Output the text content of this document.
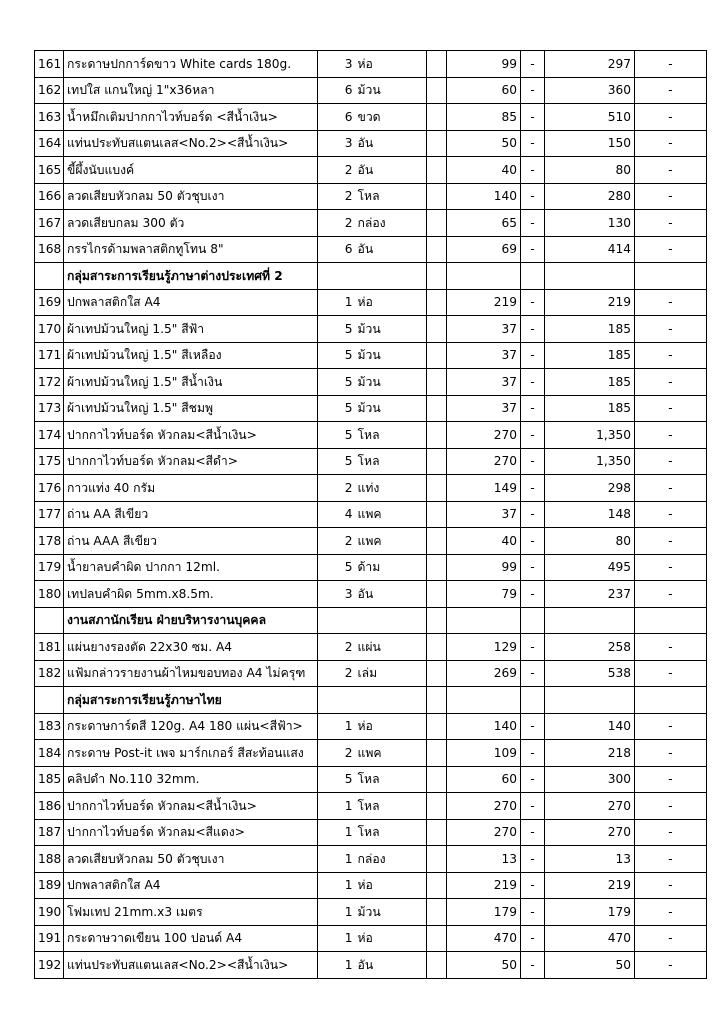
161	กระดาษปกการ์ดขาว White cards 180g.	3	ห่อ		99	-	297	-
162	เทปใส แกนใหญ่ 1"x36หลา	6	ม้วน		60	-	360	-
163	น้ำหมึกเติมปากกาไวท์บอร์ด <สีน้ำเงิน>	6	ขวด		85	-	510	-
164	แท่นประทับสแตนเลส<No.2><สีน้ำเงิน>	3	อัน		50	-	150	-
165	ขี้ผึ้งนับแบงค์	2	อัน		40	-	80	-
166	ลวดเสียบหัวกลม 50 ตัวชุบเงา	2	โหล		140	-	280	-
167	ลวดเสียบกลม 300 ตัว	2	กล่อง		65	-	130	-
168	กรรไกรด้ามพลาสติกทูโทน 8"	6	อัน		69	-	414	-
	กลุ่มสาระการเรียนรู้ภาษาต่างประเทศที่ 2							
169	ปกพลาสติกใส A4	1	ห่อ		219	-	219	-
170	ผ้าเทปม้วนใหญ่ 1.5" สีฟ้า	5	ม้วน		37	-	185	-
171	ผ้าเทปม้วนใหญ่ 1.5" สีเหลือง	5	ม้วน		37	-	185	-
172	ผ้าเทปม้วนใหญ่ 1.5" สีน้ำเงิน	5	ม้วน		37	-	185	-
173	ผ้าเทปม้วนใหญ่ 1.5" สีชมพู	5	ม้วน		37	-	185	-
174	ปากกาไวท์บอร์ด หัวกลม<สีน้ำเงิน>	5	โหล		270	-	1,350	-
175	ปากกาไวท์บอร์ด หัวกลม<สีดำ>	5	โหล		270	-	1,350	-
176	กาวแท่ง 40 กรัม	2	แท่ง		149	-	298	-
177	ถ่าน AA สีเขียว	4	แพค		37	-	148	-
178	ถ่าน AAA สีเขียว	2	แพค		40	-	80	-
179	น้ำยาลบคำผิด ปากกา 12ml.	5	ด้าม		99	-	495	-
180	เทปลบคำผิด 5mm.x8.5m.	3	อัน		79	-	237	-
	งานสภานักเรียน ฝ่ายบริหารงานบุคคล							
181	แผ่นยางรองตัด 22x30 ซม. A4	2	แผ่น		129	-	258	-
182	แฟ้มกล่าวรายงานผ้าไหมขอบทอง A4 ไม่ครุฑ	2	เล่ม		269	-	538	-
	กลุ่มสาระการเรียนรู้ภาษาไทย							
183	กระดาษการ์ดสี 120g. A4 180 แผ่น<สีฟ้า>	1	ห่อ		140	-	140	-
184	กระดาษ Post-it เพจ มาร์กเกอร์ สีสะท้อนแสง	2	แพค		109	-	218	-
185	คลิปดำ No.110 32mm.	5	โหล		60	-	300	-
186	ปากกาไวท์บอร์ด หัวกลม<สีน้ำเงิน>	1	โหล		270	-	270	-
187	ปากกาไวท์บอร์ด หัวกลม<สีแดง>	1	โหล		270	-	270	-
188	ลวดเสียบหัวกลม 50 ตัวชุบเงา	1	กล่อง		13	-	13	-
189	ปกพลาสติกใส A4	1	ห่อ		219	-	219	-
190	โฟมเทป 21mm.x3 เมตร	1	ม้วน		179	-	179	-
191	กระดาษวาดเขียน 100 ปอนด์ A4	1	ห่อ		470	-	470	-
192	แท่นประทับสแตนเลส<No.2><สีน้ำเงิน>	1	อัน		50	-	50	-
